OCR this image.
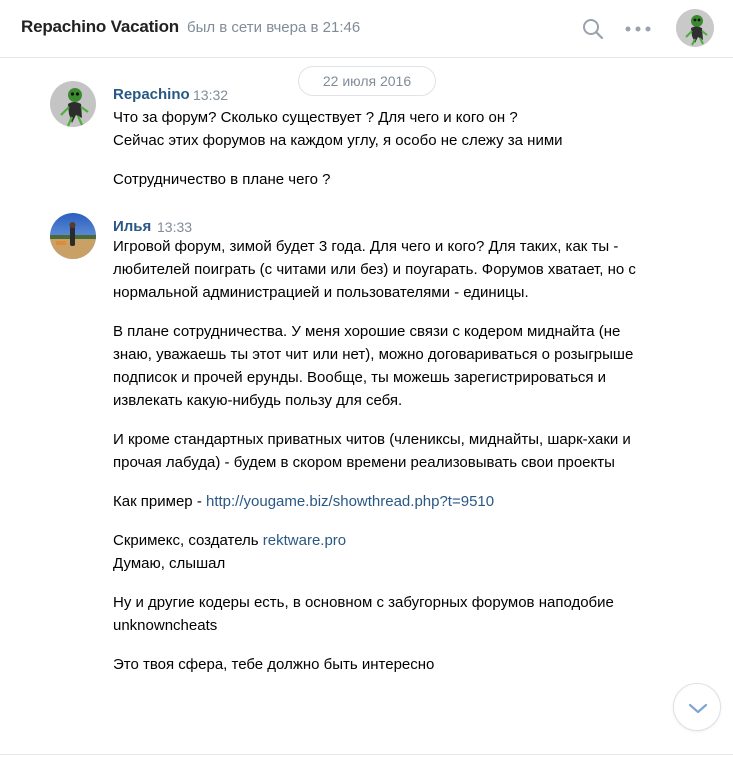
Repachino Vacation был в сети вчера в 21:46
22 июля 2016
Repachino 13:32
Что за форум? Сколько существует ? Для чего и кого он ?
Сейчас этих форумов на каждом углу, я особо не слежу за ними
Сотрудничество в плане чего ?
Илья 13:33

Игровой форум, зимой будет 3 года. Для чего и кого? Для таких, как ты - любителей поиграть (с читами или без) и поугарать. Форумов хватает, но с нормальной администрацией и пользователями - единицы.

В плане сотрудничества. У меня хорошие связи с кодером миднайта (не знаю, уважаешь ты этот чит или нет), можно договариваться о розыгрыше подписок и прочей ерунды. Вообще, ты можешь зарегистрироваться и извлекать какую-нибудь пользу для себя.

И кроме стандартных приватных читов (членикcы, миднайты, шарк-хаки и прочая лабуда) - будем в скором времени реализовывать свои проекты

Как пример - http://yougame.biz/showthread.php?t=9510

Скримекс, создатель rektware.pro
Думаю, слышал

Ну и другие кодеры есть, в основном с забугорных форумов наподобие unknowncheats

Это твоя сфера, тебе должно быть интересно
